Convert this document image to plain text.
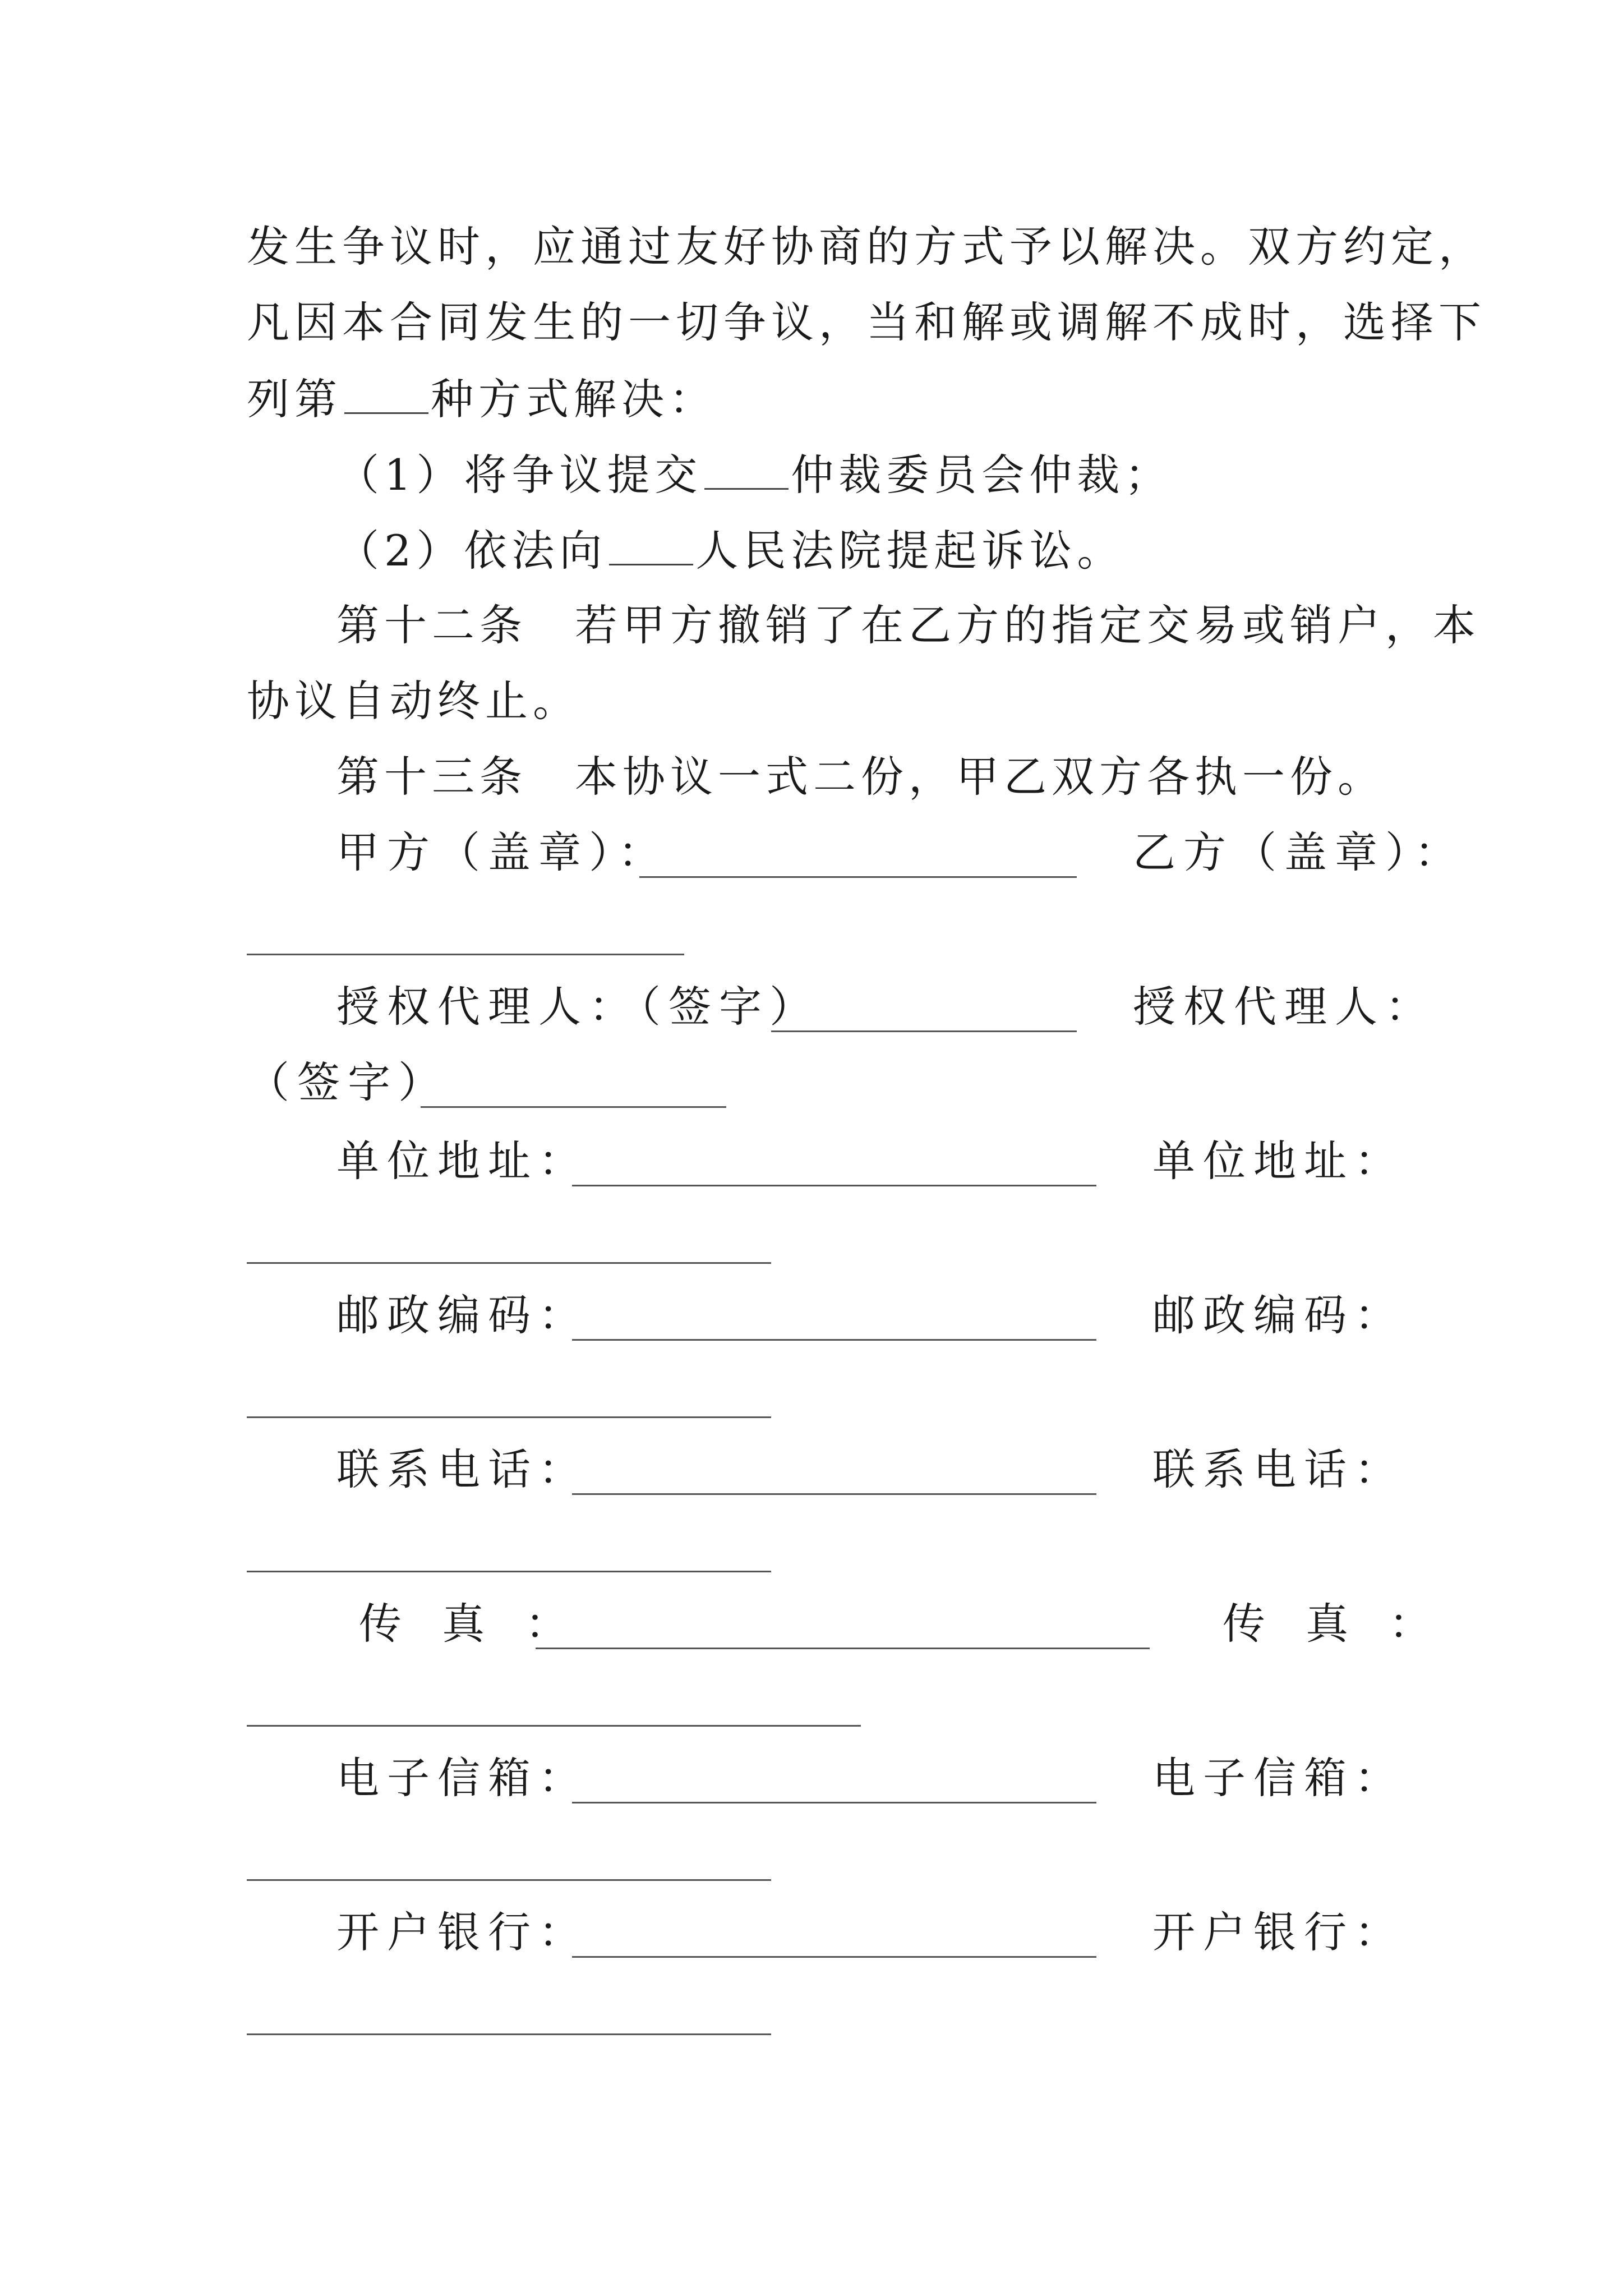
发生争议时，应通过友好协商的方式予以解决。双方约定，
凡因本合同发生的一切争议，当和解或调解不成时，选择下
列第 种方式解决：
（1）将争议提交 仲裁委员会仲裁；
（2）依法向 人民法院提起诉讼。
第十二条　若甲方撤销了在乙方的指定交易或销户，本
协议自动终止。
第十三条　本协议一式二份，甲乙双方各执一份。
甲方（盖章）：	乙方（盖章）：
授权代理人：（签字）	授权代理人：
（签字）
单位地址：	单位地址：
邮政编码：	邮政编码：
联系电话：	联系电话：
传 真 ：	传 真 ：
电子信箱：	电子信箱：
开户银行：	开户银行：
